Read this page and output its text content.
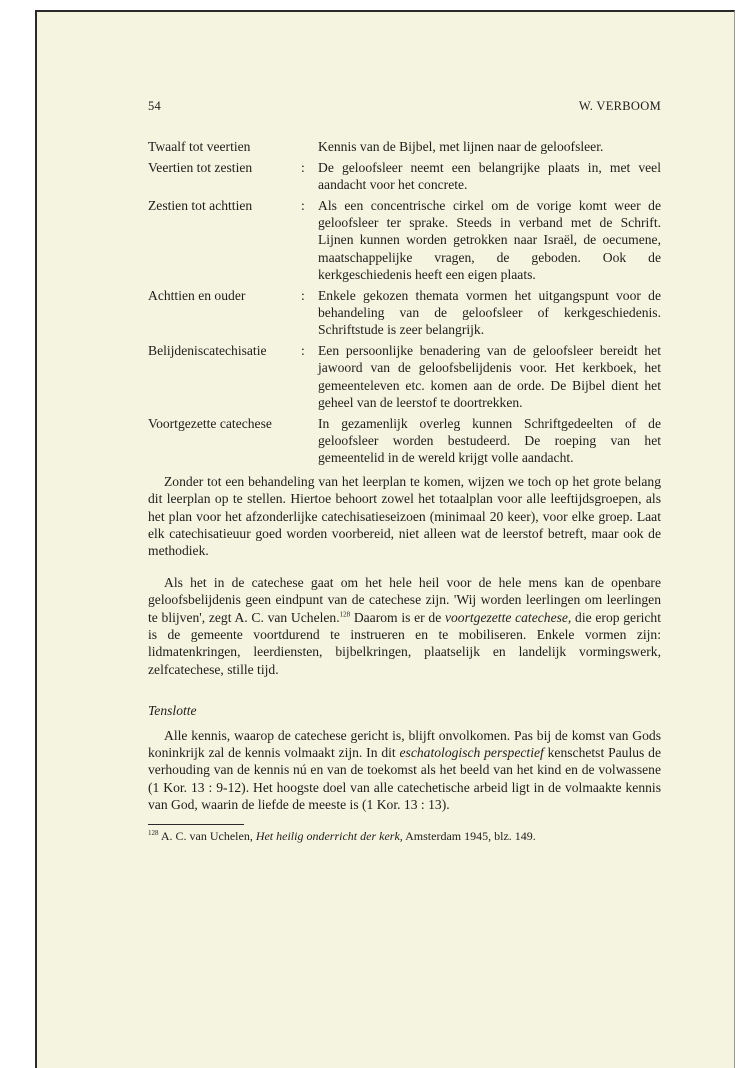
54	W. VERBOOM
Twaalf tot veertien	Kennis van de Bijbel, met lijnen naar de geloofsleer.
Veertien tot zestien	: De geloofsleer neemt een belangrijke plaats in, met veel aandacht voor het concrete.
Zestien tot achttien	: Als een concentrische cirkel om de vorige komt weer de geloofsleer ter sprake. Steeds in verband met de Schrift. Lijnen kunnen worden getrokken naar Israël, de oecumene, maatschappelijke vragen, de geboden. Ook de kerkgeschiedenis heeft een eigen plaats.
Achttien en ouder	: Enkele gekozen themata vormen het uitgangspunt voor de behandeling van de geloofsleer of kerkgeschiedenis. Schriftstude is zeer belangrijk.
Belijdeniscatechisatie	: Een persoonlijke benadering van de geloofsleer bereidt het jawoord van de geloofsbelijdenis voor. Het kerkboek, het gemeenteleven etc. komen aan de orde. De Bijbel dient het geheel van de leerstof te doortrekken.
Voortgezette catechese	In gezamenlijk overleg kunnen Schriftgedeelten of de geloofsleer worden bestudeerd. De roeping van het gemeentelid in de wereld krijgt volle aandacht.

Zonder tot een behandeling van het leerplan te komen, wijzen we toch op het grote belang dit leerplan op te stellen. Hiertoe behoort zowel het totaalplan voor alle leeftijdsgroepen, als het plan voor het afzonderlijke catechisatieseizoen (minimaal 20 keer), voor elke groep. Laat elk catechisatieuur goed worden voorbereid, niet alleen wat de leerstof betreft, maar ook de methodiek.

Als het in de catechese gaat om het hele heil voor de hele mens kan de openbare geloofsbelijdenis geen eindpunt van de catechese zijn. 'Wij worden leerlingen om leerlingen te blijven', zegt A. C. van Uchelen.$^{128}$ Daarom is er de voortgezette catechese, die erop gericht is de gemeente voortdurend te instrueren en te mobiliseren. Enkele vormen zijn: lidmatenkringen, leerdiensten, bijbelkringen, plaatselijk en landelijk vormingswerk, zelfcatechese, stille tijd.

Tenslotte

Alle kennis, waarop de catechese gericht is, blijft onvolkomen. Pas bij de komst van Gods koninkrijk zal de kennis volmaakt zijn. In dit eschatologisch perspectief kenschetst Paulus de verhouding van de kennis nú en van de toekomst als het beeld van het kind en de volwassene (1 Kor. 13 : 9-12). Het hoogste doel van alle catechetische arbeid ligt in de volmaakte kennis van God, waarin de liefde de meeste is (1 Kor. 13 : 13).

$^{128}$ A. C. van Uchelen, Het heilig onderricht der kerk, Amsterdam 1945, blz. 149.
